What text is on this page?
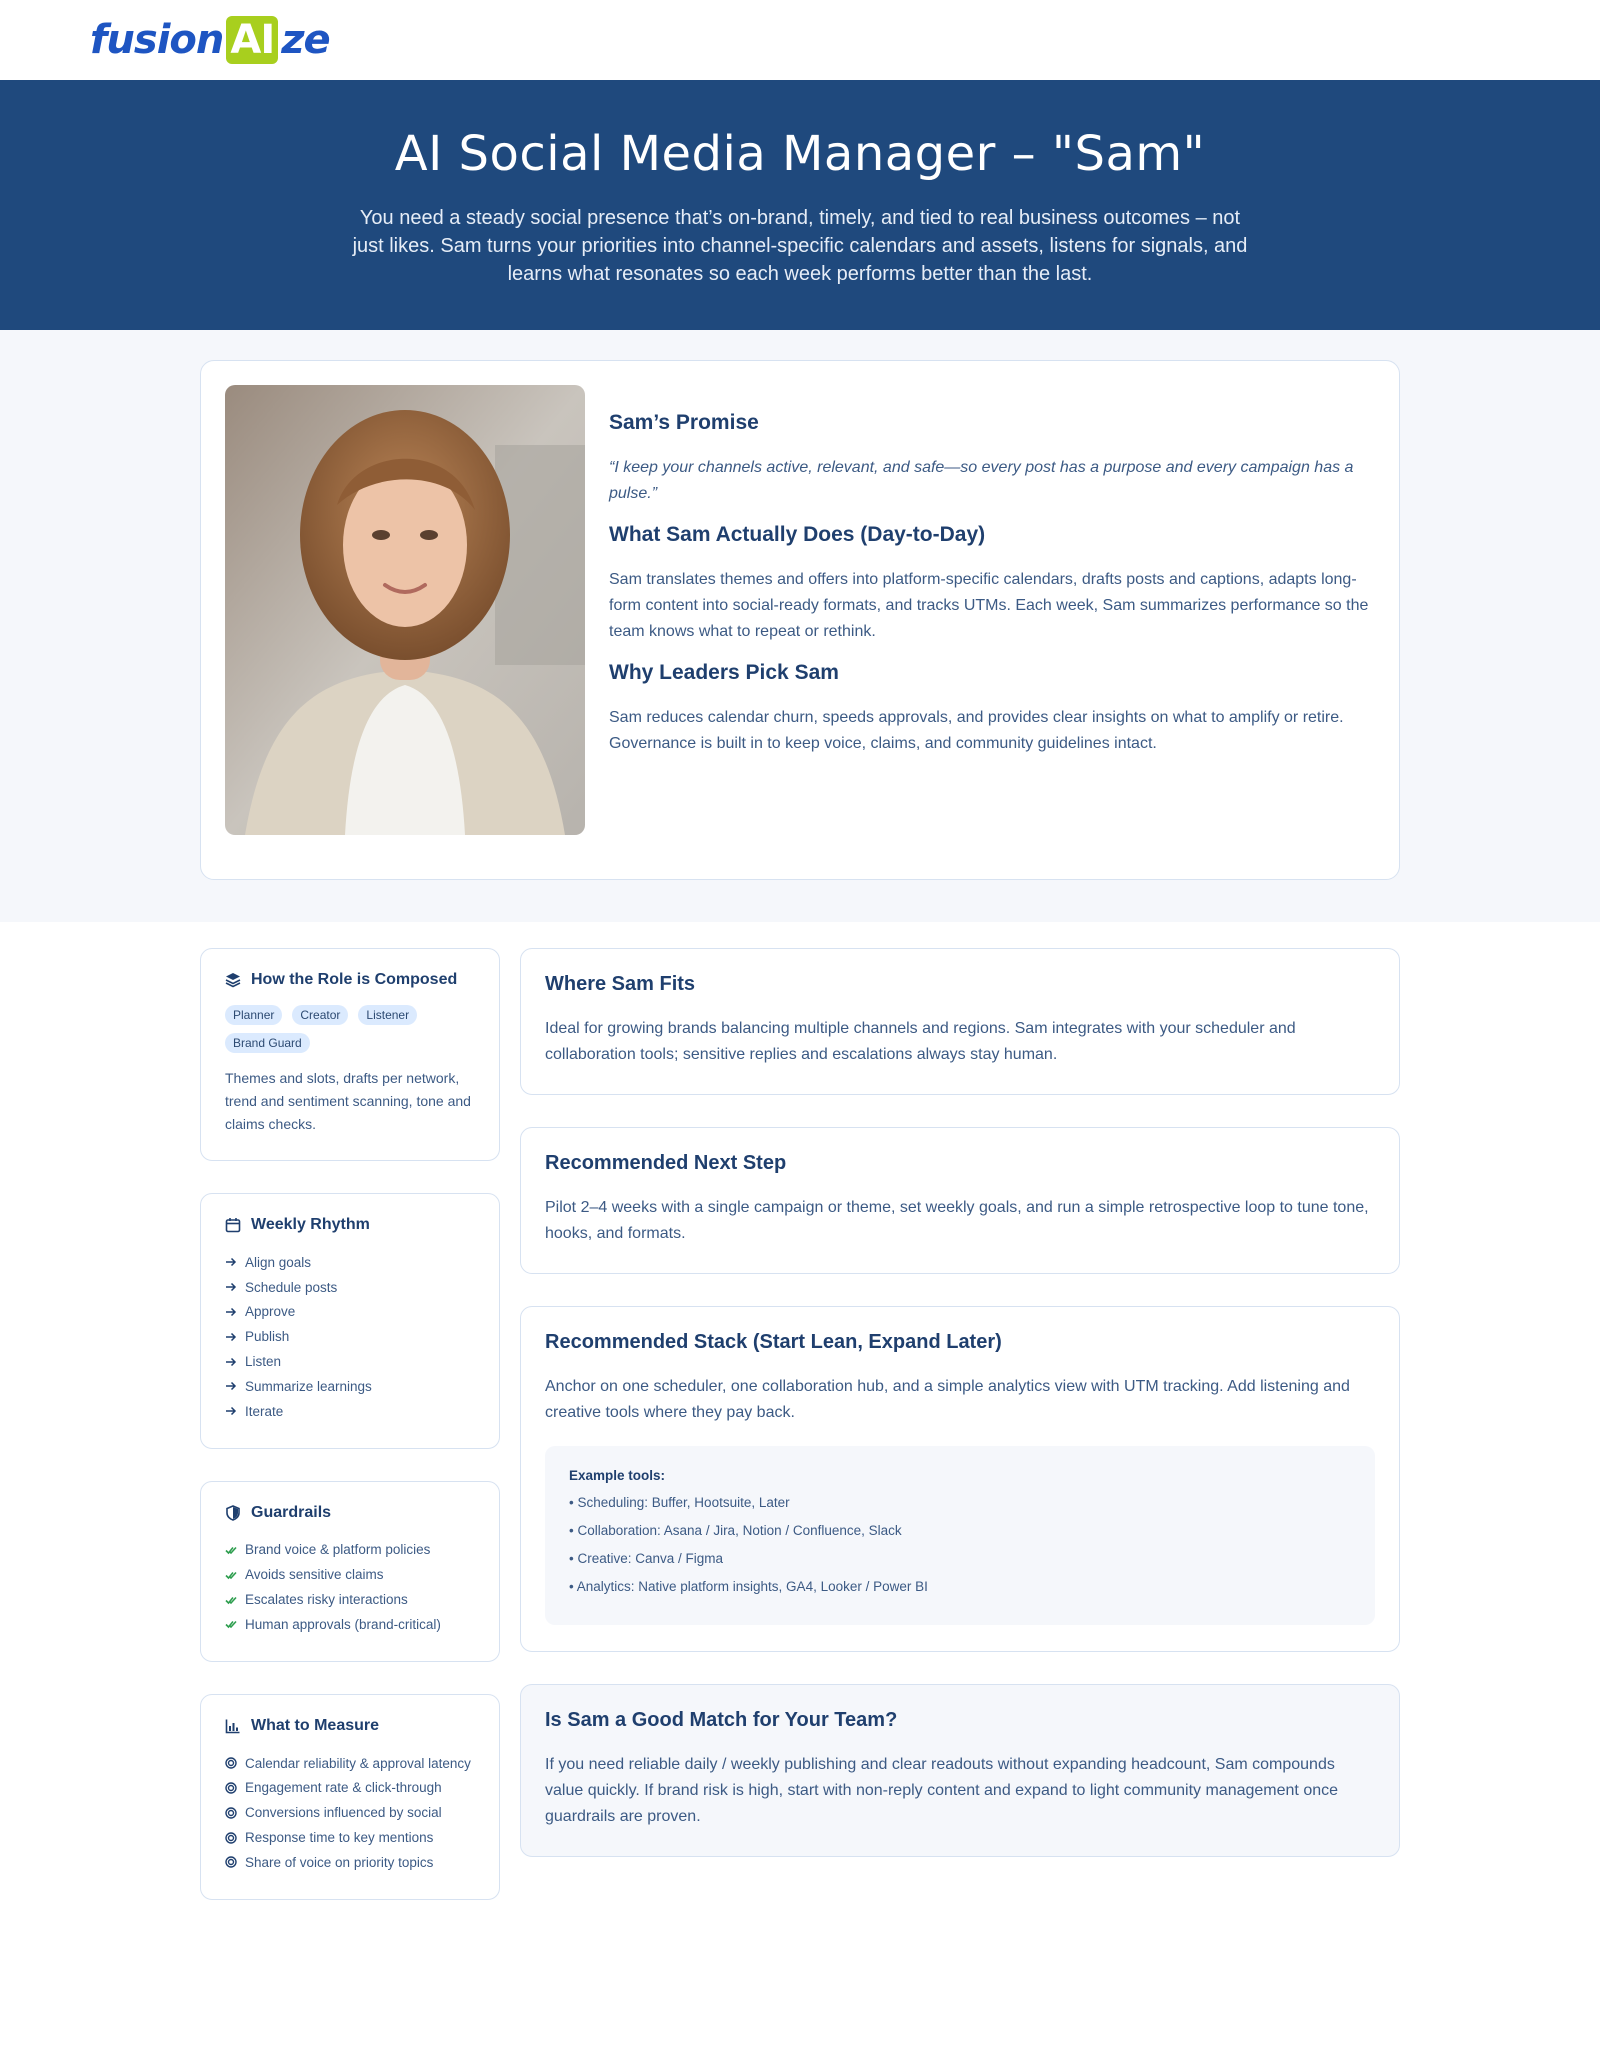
fusion AI ze
AI Social Media Manager – "Sam"

You need a steady social presence that’s on-brand, timely, and tied to real business outcomes – not just likes. Sam turns your priorities into channel-specific calendars and assets, listens for signals, and learns what resonates so each week performs better than the last.

Sam’s Promise

“I keep your channels active, relevant, and safe—so every post has a purpose and every campaign has a pulse.”

What Sam Actually Does (Day-to-Day)

Sam translates themes and offers into platform-specific calendars, drafts posts and captions, adapts long-form content into social-ready formats, and tracks UTMs. Each week, Sam summarizes performance so the team knows what to repeat or rethink.

Why Leaders Pick Sam

Sam reduces calendar churn, speeds approvals, and provides clear insights on what to amplify or retire. Governance is built in to keep voice, claims, and community guidelines intact.

How the Role is Composed
Planner	Creator	Listener
Brand Guard

Themes and slots, drafts per network, trend and sentiment scanning, tone and claims checks.

Weekly Rhythm
Align goals
Schedule posts
Approve
Publish
Listen
Summarize learnings
Iterate
Guardrails
Brand voice & platform policies
Avoids sensitive claims
Escalates risky interactions
Human approvals (brand-critical)
What to Measure
Calendar reliability & approval latency
Engagement rate & click-through
Conversions influenced by social
Response time to key mentions
Share of voice on priority topics
Where Sam Fits

Ideal for growing brands balancing multiple channels and regions. Sam integrates with your scheduler and collaboration tools; sensitive replies and escalations always stay human.

Recommended Next Step

Pilot 2–4 weeks with a single campaign or theme, set weekly goals, and run a simple retrospective loop to tune tone, hooks, and formats.

Recommended Stack (Start Lean, Expand Later)

Anchor on one scheduler, one collaboration hub, and a simple analytics view with UTM tracking. Add listening and creative tools where they pay back.

Example tools:
• Scheduling: Buffer, Hootsuite, Later
• Collaboration: Asana / Jira, Notion / Confluence, Slack
• Creative: Canva / Figma
• Analytics: Native platform insights, GA4, Looker / Power BI
Is Sam a Good Match for Your Team?

If you need reliable daily / weekly publishing and clear readouts without expanding headcount, Sam compounds value quickly. If brand risk is high, start with non-reply content and expand to light community management once guardrails are proven.
